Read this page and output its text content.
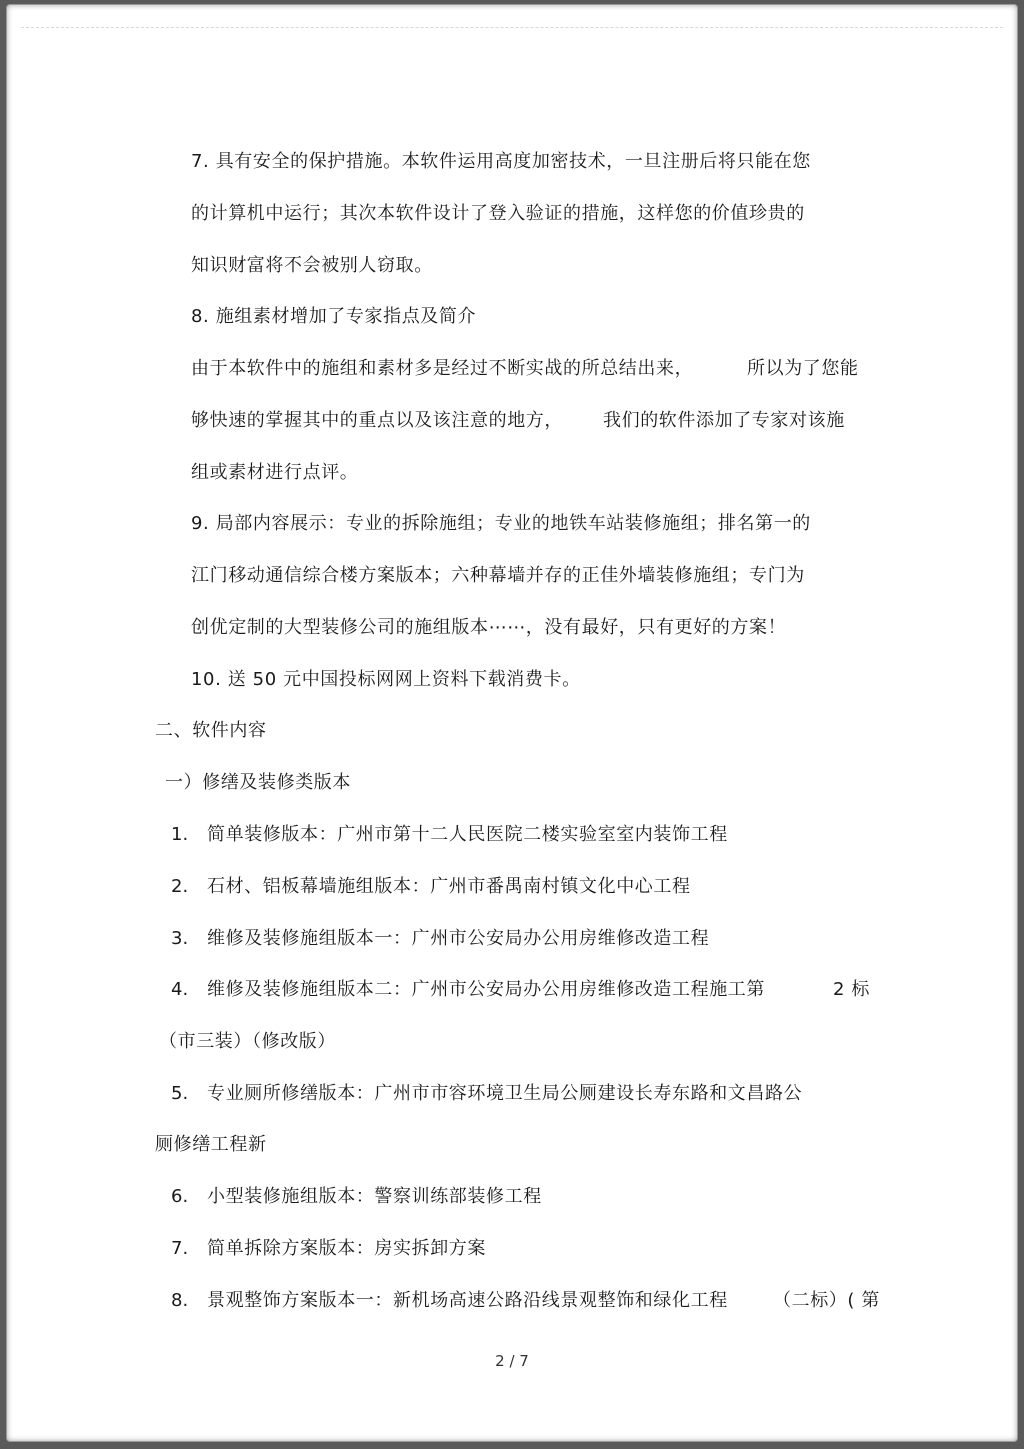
7. 具有安全的保护措施。本软件运用高度加密技术，一旦注册后将只能在您
的计算机中运行；其次本软件设计了登入验证的措施，这样您的价值珍贵的
知识财富将不会被别人窃取。
8. 施组素材增加了专家指点及简介
由于本软件中的施组和素材多是经过不断实战的所总结出来，	所以为了您能
够快速的掌握其中的重点以及该注意的地方， 我们的软件添加了专家对该施
组或素材进行点评。
9. 局部内容展示：专业的拆除施组；专业的地铁车站装修施组；排名第一的
江门移动通信综合楼方案版本；六种幕墙并存的正佳外墙装修施组；专门为
创优定制的大型装修公司的施组版本⋯⋯，没有最好，只有更好的方案！
10. 送 50 元中国投标网网上资料下载消费卡。
二、软件内容
一）修缮及装修类版本
1. 简单装修版本：广州市第十二人民医院二楼实验室室内装饰工程
2. 石材、铝板幕墙施组版本：广州市番禺南村镇文化中心工程
3. 维修及装修施组版本一：广州市公安局办公用房维修改造工程
4. 维修及装修施组版本二：广州市公安局办公用房维修改造工程施工第	2 标
（市三装）（修改版）
5. 专业厕所修缮版本：广州市市容环境卫生局公厕建设长寿东路和文昌路公
厕修缮工程新
6. 小型装修施组版本：警察训练部装修工程
7. 简单拆除方案版本：房实拆卸方案
8. 景观整饰方案版本一：新机场高速公路沿线景观整饰和绿化工程	（二标）( 第
2 / 7
